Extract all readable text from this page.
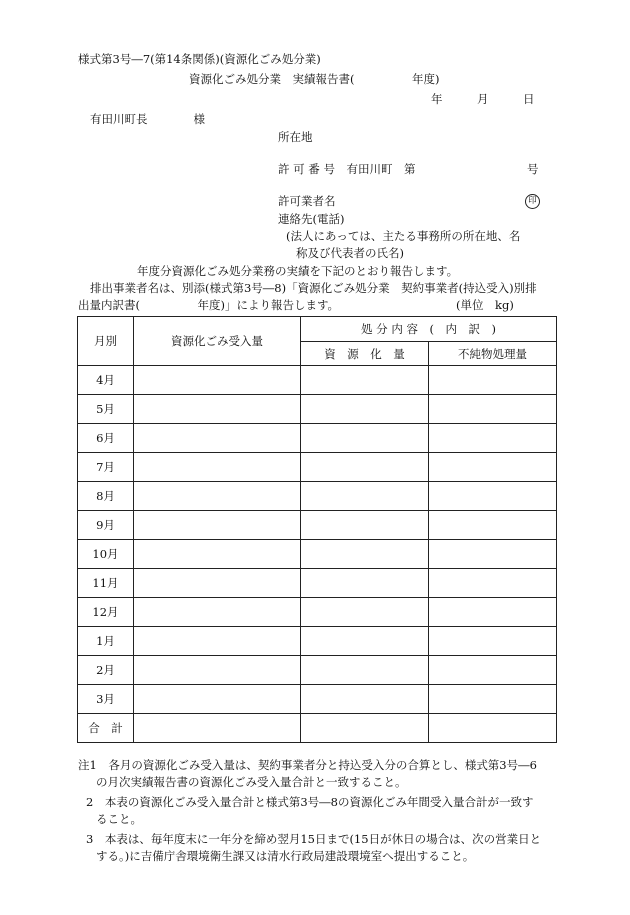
様式第3号―7(第14条関係)(資源化ごみ処分業)
資源化ごみ処分業　実績報告書(　　　　　年度)
年　　　月　　　日
有田川町長　　　　様
所在地
許 可 番 号　有田川町　第	号
許可業者名	印
連絡先(電話)
(法人にあっては、主たる事務所の所在地、名
称及び代表者の氏名)
年度分資源化ごみ処分業務の実績を下記のとおり報告します。
排出事業者名は、別添(様式第3号―8)「資源化ごみ処分業　契約事業者(持込受入)別排
出量内訳書(　　　　　年度)」により報告します。	(単位　kg)
月別	資源化ごみ受入量	処 分 内 容　(　内　訳　)	
		資　源　化　量	不純物処理量
4月			
5月			
6月			
7月			
8月			
9月			
10月			
11月			
12月			
1月			
2月			
3月			
合　計			
注1　各月の資源化ごみ受入量は、契約事業者分と持込受入分の合算とし、様式第3号―6
の月次実績報告書の資源化ごみ受入量合計と一致すること。
2　本表の資源化ごみ受入量合計と様式第3号―8の資源化ごみ年間受入量合計が一致す
ること。
3　本表は、毎年度末に一年分を締め翌月15日まで(15日が休日の場合は、次の営業日と
する。)に吉備庁舎環境衛生課又は清水行政局建設環境室へ提出すること。
